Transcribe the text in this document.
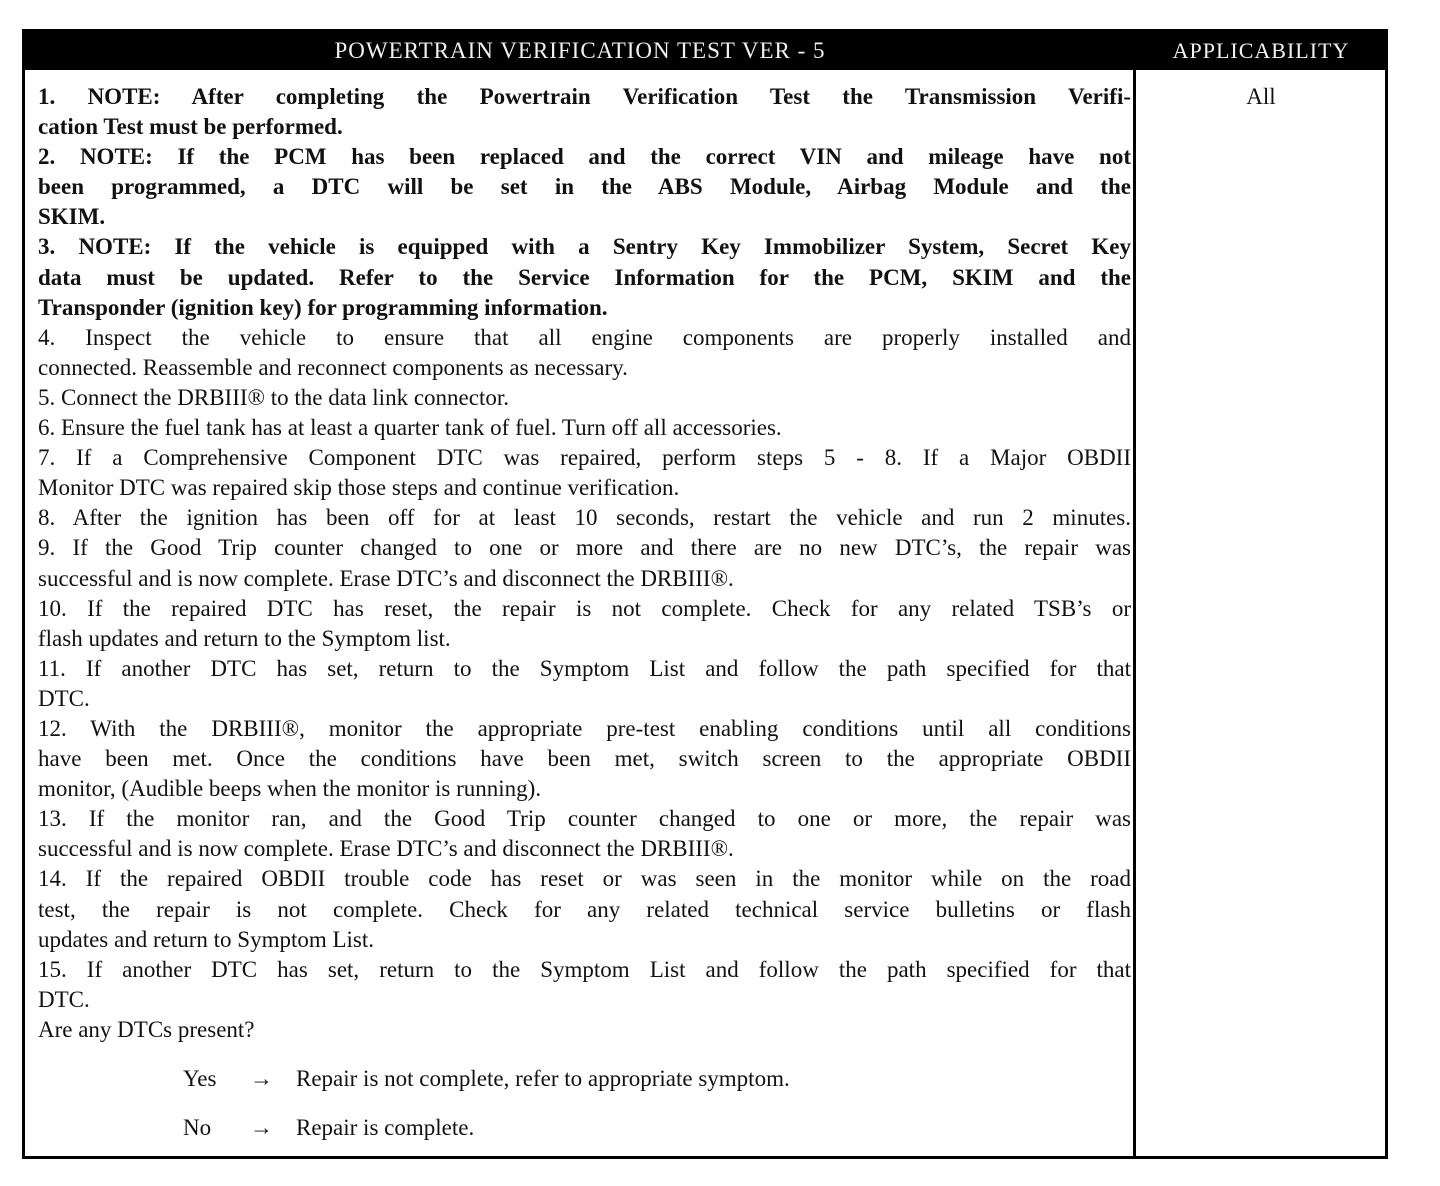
POWERTRAIN VERIFICATION TEST VER - 5	APPLICABILITY
1. NOTE: After completing the Powertrain Verification Test the Transmission Verifi-
cation Test must be performed.
2. NOTE: If the PCM has been replaced and the correct VIN and mileage have not
been programmed, a DTC will be set in the ABS Module, Airbag Module and the
SKIM.
3. NOTE: If the vehicle is equipped with a Sentry Key Immobilizer System, Secret Key
data must be updated. Refer to the Service Information for the PCM, SKIM and the
Transponder (ignition key) for programming information.
4. Inspect the vehicle to ensure that all engine components are properly installed and
connected. Reassemble and reconnect components as necessary.
5. Connect the DRBIII® to the data link connector.
6. Ensure the fuel tank has at least a quarter tank of fuel. Turn off all accessories.
7. If a Comprehensive Component DTC was repaired, perform steps 5 - 8. If a Major OBDII
Monitor DTC was repaired skip those steps and continue verification.
8. After the ignition has been off for at least 10 seconds, restart the vehicle and run 2 minutes.
9. If the Good Trip counter changed to one or more and there are no new DTC’s, the repair was
successful and is now complete. Erase DTC’s and disconnect the DRBIII®.
10. If the repaired DTC has reset, the repair is not complete. Check for any related TSB’s or
flash updates and return to the Symptom list.
11. If another DTC has set, return to the Symptom List and follow the path specified for that
DTC.
12. With the DRBIII®, monitor the appropriate pre-test enabling conditions until all conditions
have been met. Once the conditions have been met, switch screen to the appropriate OBDII
monitor, (Audible beeps when the monitor is running).
13. If the monitor ran, and the Good Trip counter changed to one or more, the repair was
successful and is now complete. Erase DTC’s and disconnect the DRBIII®.
14. If the repaired OBDII trouble code has reset or was seen in the monitor while on the road
test, the repair is not complete. Check for any related technical service bulletins or flash
updates and return to Symptom List.
15. If another DTC has set, return to the Symptom List and follow the path specified for that
DTC.
Are any DTCs present?
Yes → Repair is not complete, refer to appropriate symptom.
No → Repair is complete.
All
